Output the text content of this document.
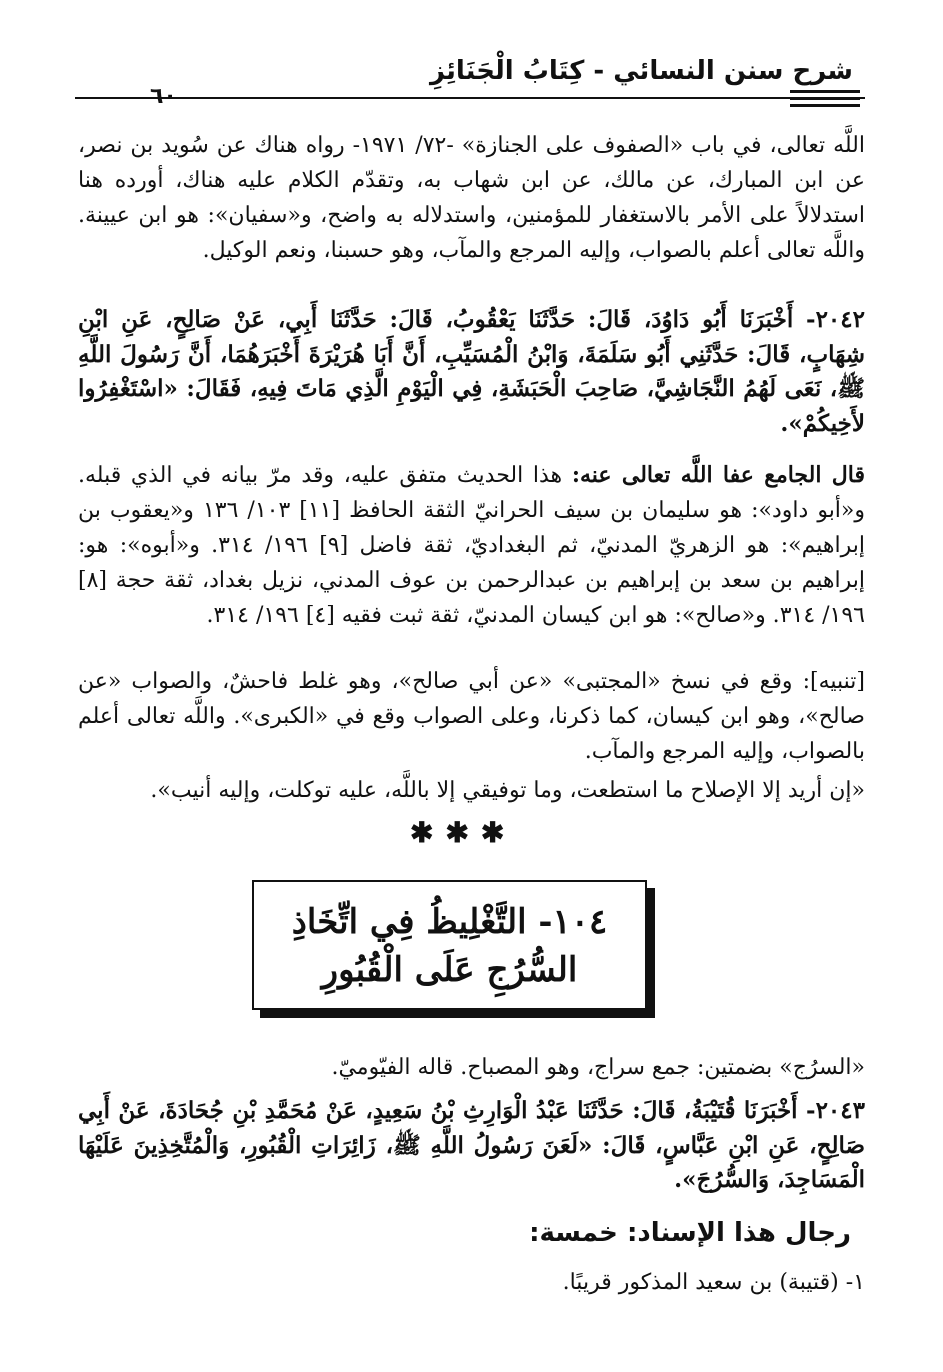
شرح سنن النسائي - كِتَابُ الْجَنَائِزِ
٦٠

اللَّه تعالى، في باب «الصفوف على الجنازة» -٧٢/ ١٩٧١- رواه هناك عن سُويد بن نصر، عن ابن المبارك، عن مالك، عن ابن شهاب به، وتقدّم الكلام عليه هناك، أورده هنا استدلالاً على الأمر بالاستغفار للمؤمنين، واستدلاله به واضح، و«سفيان»: هو ابن عيينة. واللَّه تعالى أعلم بالصواب، وإليه المرجع والمآب، وهو حسبنا، ونعم الوكيل.

٢٠٤٢- أَخْبَرَنَا أَبُو دَاوُدَ، قَالَ: حَدَّثَنَا يَعْقُوبُ، قَالَ: حَدَّثَنَا أَبِي، عَنْ صَالِحٍ، عَنِ ابْنِ شِهَابٍ، قَالَ: حَدَّثَنِي أَبُو سَلَمَةَ، وَابْنُ الْمُسَيِّبِ، أَنَّ أَبَا هُرَيْرَةَ أَخْبَرَهُمَا، أَنَّ رَسُولَ اللَّهِ ﷺ، نَعَى لَهُمُ النَّجَاشِيَّ، صَاحِبَ الْحَبَشَةِ، فِي الْيَوْمِ الَّذِي مَاتَ فِيهِ، فَقَالَ: «اسْتَغْفِرُوا لأَخِيكُمْ».

قال الجامع عفا اللَّه تعالى عنه: هذا الحديث متفق عليه، وقد مرّ بيانه في الذي قبله. و«أبو داود»: هو سليمان بن سيف الحرانيّ الثقة الحافظ [١١] ١٠٣/ ١٣٦ و«يعقوب بن إبراهيم»: هو الزهريّ المدنيّ، ثم البغداديّ، ثقة فاضل [٩] ١٩٦/ ٣١٤. و«أبوه»: هو: إبراهيم بن سعد بن إبراهيم بن عبدالرحمن بن عوف المدني، نزيل بغداد، ثقة حجة [٨] ١٩٦/ ٣١٤. و«صالح»: هو ابن كيسان المدنيّ، ثقة ثبت فقيه [٤] ١٩٦/ ٣١٤.

[تنبيه]: وقع في نسخ «المجتبى» «عن أبي صالح»، وهو غلط فاحشٌ، والصواب «عن صالح»، وهو ابن كيسان، كما ذكرنا، وعلى الصواب وقع في «الكبرى». واللَّه تعالى أعلم بالصواب، وإليه المرجع والمآب.

«إن أريد إلا الإصلاح ما استطعت، وما توفيقي إلا باللَّه، عليه توكلت، وإليه أنيب».

✱✱✱
١٠٤- التَّغْلِيظُ فِي اتِّخَاذِ السُّرُجِ عَلَى الْقُبُورِ

«السرُج» بضمتين: جمع سراج، وهو المصباح. قاله الفيّوميّ.

٢٠٤٣- أَخْبَرَنَا قُتَيْبَةُ، قَالَ: حَدَّثَنَا عَبْدُ الْوَارِثِ بْنُ سَعِيدٍ، عَنْ مُحَمَّدِ بْنِ جُحَادَةَ، عَنْ أَبِي صَالِحٍ، عَنِ ابْنِ عَبَّاسٍ، قَالَ: «لَعَنَ رَسُولُ اللَّهِ ﷺ، زَائِرَاتِ الْقُبُورِ، وَالْمُتَّخِذِينَ عَلَيْهَا الْمَسَاجِدَ، وَالسُّرُجَ».

رجال هذا الإسناد: خمسة:

١- (قتيبة) بن سعيد المذكور قريبًا.
